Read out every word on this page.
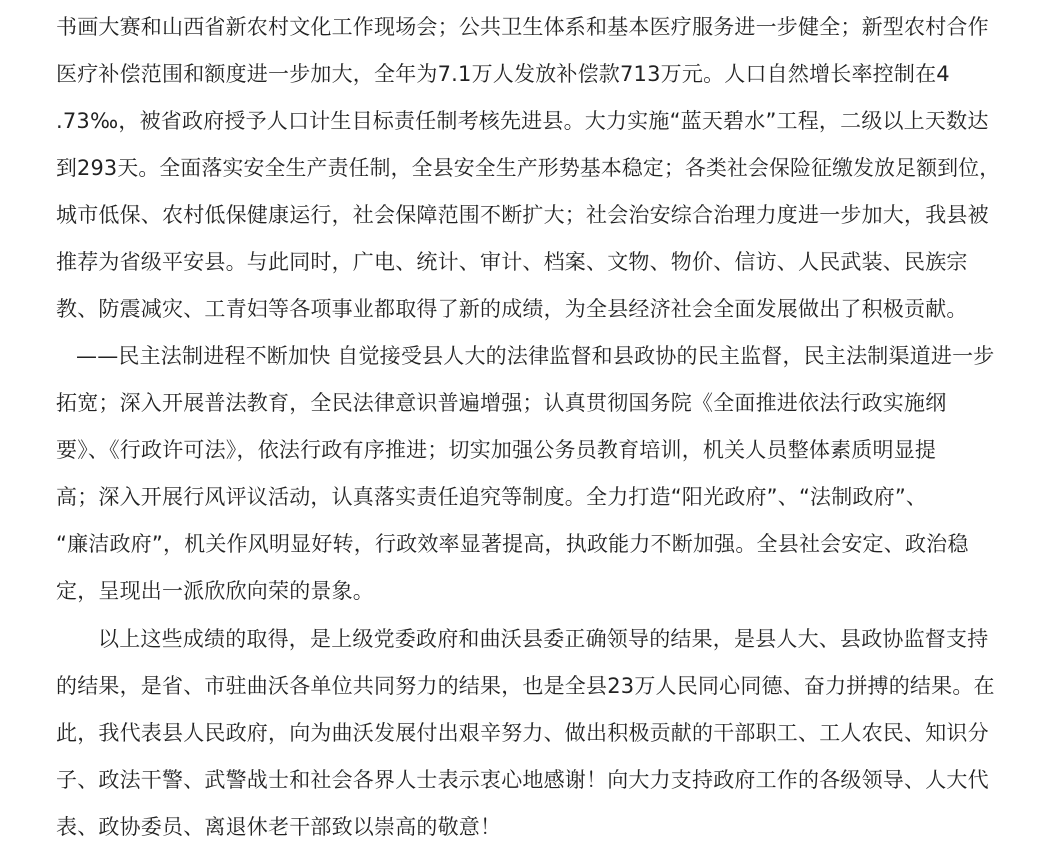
书画大赛和山西省新农村文化工作现场会；公共卫生体系和基本医疗服务进一步健全；新型农村合作
医疗补偿范围和额度进一步加大，全年为7.1万人发放补偿款713万元。人口自然增长率控制在4
.73‰，被省政府授予人口计生目标责任制考核先进县。大力实施“蓝天碧水”工程，二级以上天数达
到293天。全面落实安全生产责任制，全县安全生产形势基本稳定；各类社会保险征缴发放足额到位，
城市低保、农村低保健康运行，社会保障范围不断扩大；社会治安综合治理力度进一步加大，我县被
推荐为省级平安县。与此同时，广电、统计、审计、档案、文物、物价、信访、人民武装、民族宗
教、防震减灾、工青妇等各项事业都取得了新的成绩，为全县经济社会全面发展做出了积极贡献。
——民主法制进程不断加快 自觉接受县人大的法律监督和县政协的民主监督，民主法制渠道进一步
拓宽；深入开展普法教育，全民法律意识普遍增强；认真贯彻国务院《全面推进依法行政实施纲
要》、《行政许可法》，依法行政有序推进；切实加强公务员教育培训，机关人员整体素质明显提
高；深入开展行风评议活动，认真落实责任追究等制度。全力打造“阳光政府”、“法制政府”、
“廉洁政府”，机关作风明显好转，行政效率显著提高，执政能力不断加强。全县社会安定、政治稳
定，呈现出一派欣欣向荣的景象。
以上这些成绩的取得，是上级党委政府和曲沃县委正确领导的结果，是县人大、县政协监督支持
的结果，是省、市驻曲沃各单位共同努力的结果，也是全县23万人民同心同德、奋力拼搏的结果。在
此，我代表县人民政府，向为曲沃发展付出艰辛努力、做出积极贡献的干部职工、工人农民、知识分
子、政法干警、武警战士和社会各界人士表示衷心地感谢！向大力支持政府工作的各级领导、人大代
表、政协委员、离退休老干部致以崇高的敬意！
